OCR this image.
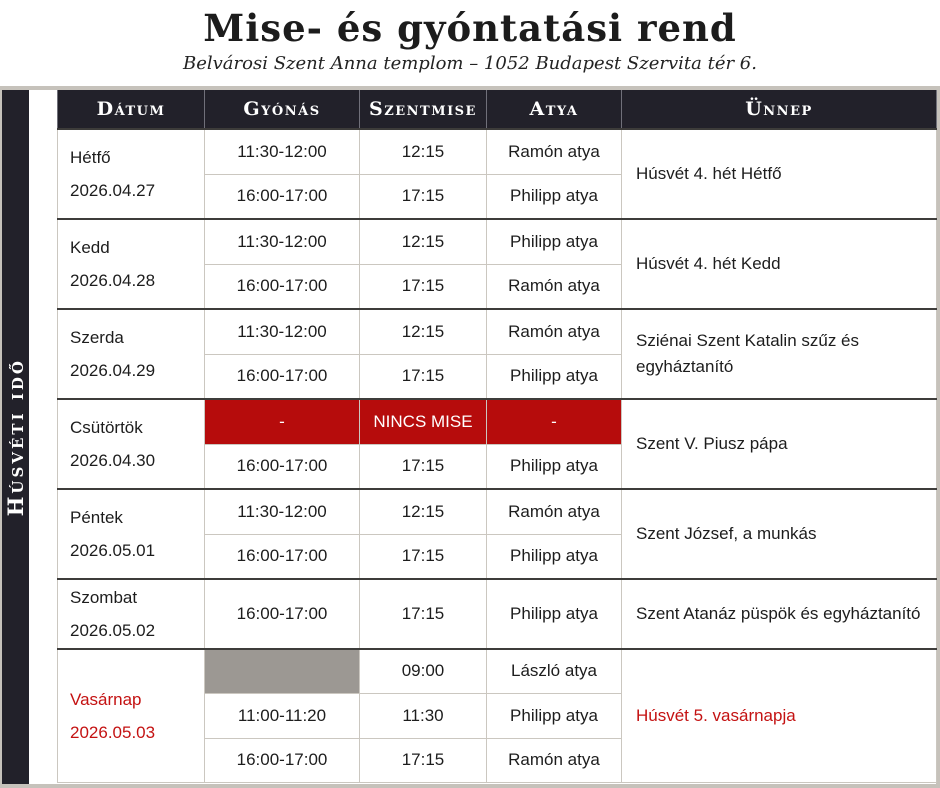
Mise- és gyóntatási rend
Belvárosi Szent Anna templom – 1052 Budapest Szervita tér 6.
Húsvéti idő
Dátum	Gyónás	Szentmise	Atya	Ünnep

Hétfő
2026.04.27	11:30-12:00	12:15	Ramón atya	Húsvét 4. hét Hétfő
	16:00-17:00	17:15	Philipp atya	

Kedd
2026.04.28	11:30-12:00	12:15	Philipp atya	Húsvét 4. hét Kedd
	16:00-17:00	17:15	Ramón atya	

Szerda
2026.04.29	11:30-12:00	12:15	Ramón atya	Sziénai Szent Katalin szűz és egyháztanító
	16:00-17:00	17:15	Philipp atya	

Csütörtök
2026.04.30	-	NINCS MISE	-	Szent V. Piusz pápa
	16:00-17:00	17:15	Philipp atya	

Péntek
2026.05.01	11:30-12:00	12:15	Ramón atya	Szent József, a munkás
	16:00-17:00	17:15	Philipp atya	

Szombat
2026.05.02	16:00-17:00	17:15	Philipp atya	Szent Atanáz püspök és egyháztanító

Vasárnap
2026.05.03		09:00	László atya	Húsvét 5. vasárnapja
	11:00-11:20	11:30	Philipp atya	
	16:00-17:00	17:15	Ramón atya	
